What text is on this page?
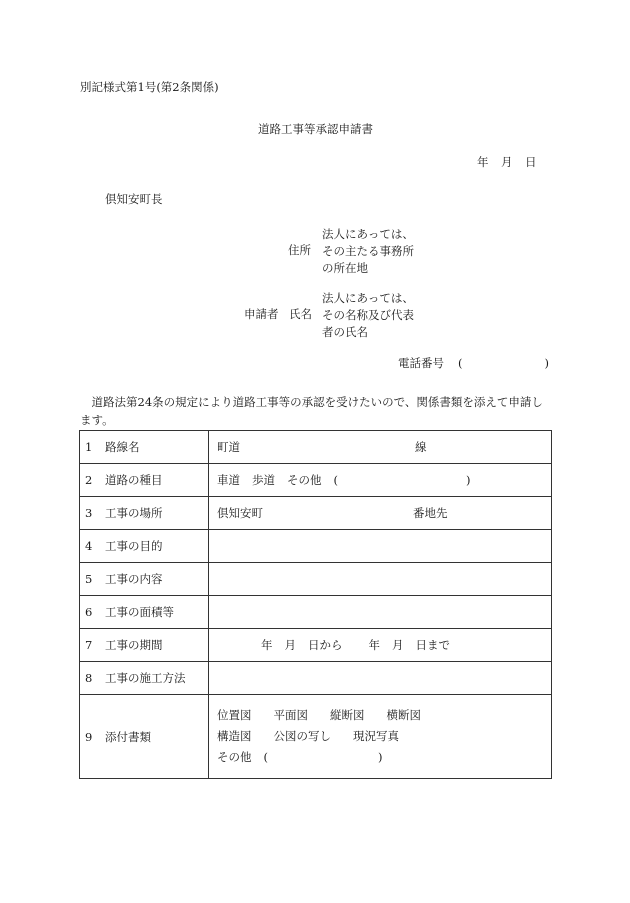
別記様式第1号(第2条関係)
道路工事等承認申請書
年 月 日
倶知安町長
法人にあっては、
その主たる事務所
の所在地
住所
申請者 氏名
法人にあっては、
その名称及び代表
者の氏名
電話番号 (	)
道路法第24条の規定により道路工事等の承認を受けたいので、関係書類を添えて申請します。
1 路線名	町道 線
2 道路の種目	車道 歩道 その他 ( )
3 工事の場所	倶知安町 番地先
4 工事の目的	
5 工事の内容	
6 工事の面積等	
7 工事の期間	年 月 日から 年 月 日まで
8 工事の施工方法	
9 添付書類	位置図 平面図 縦断図 横断図
構造図 公図の写し 現況写真
その他 ( )
